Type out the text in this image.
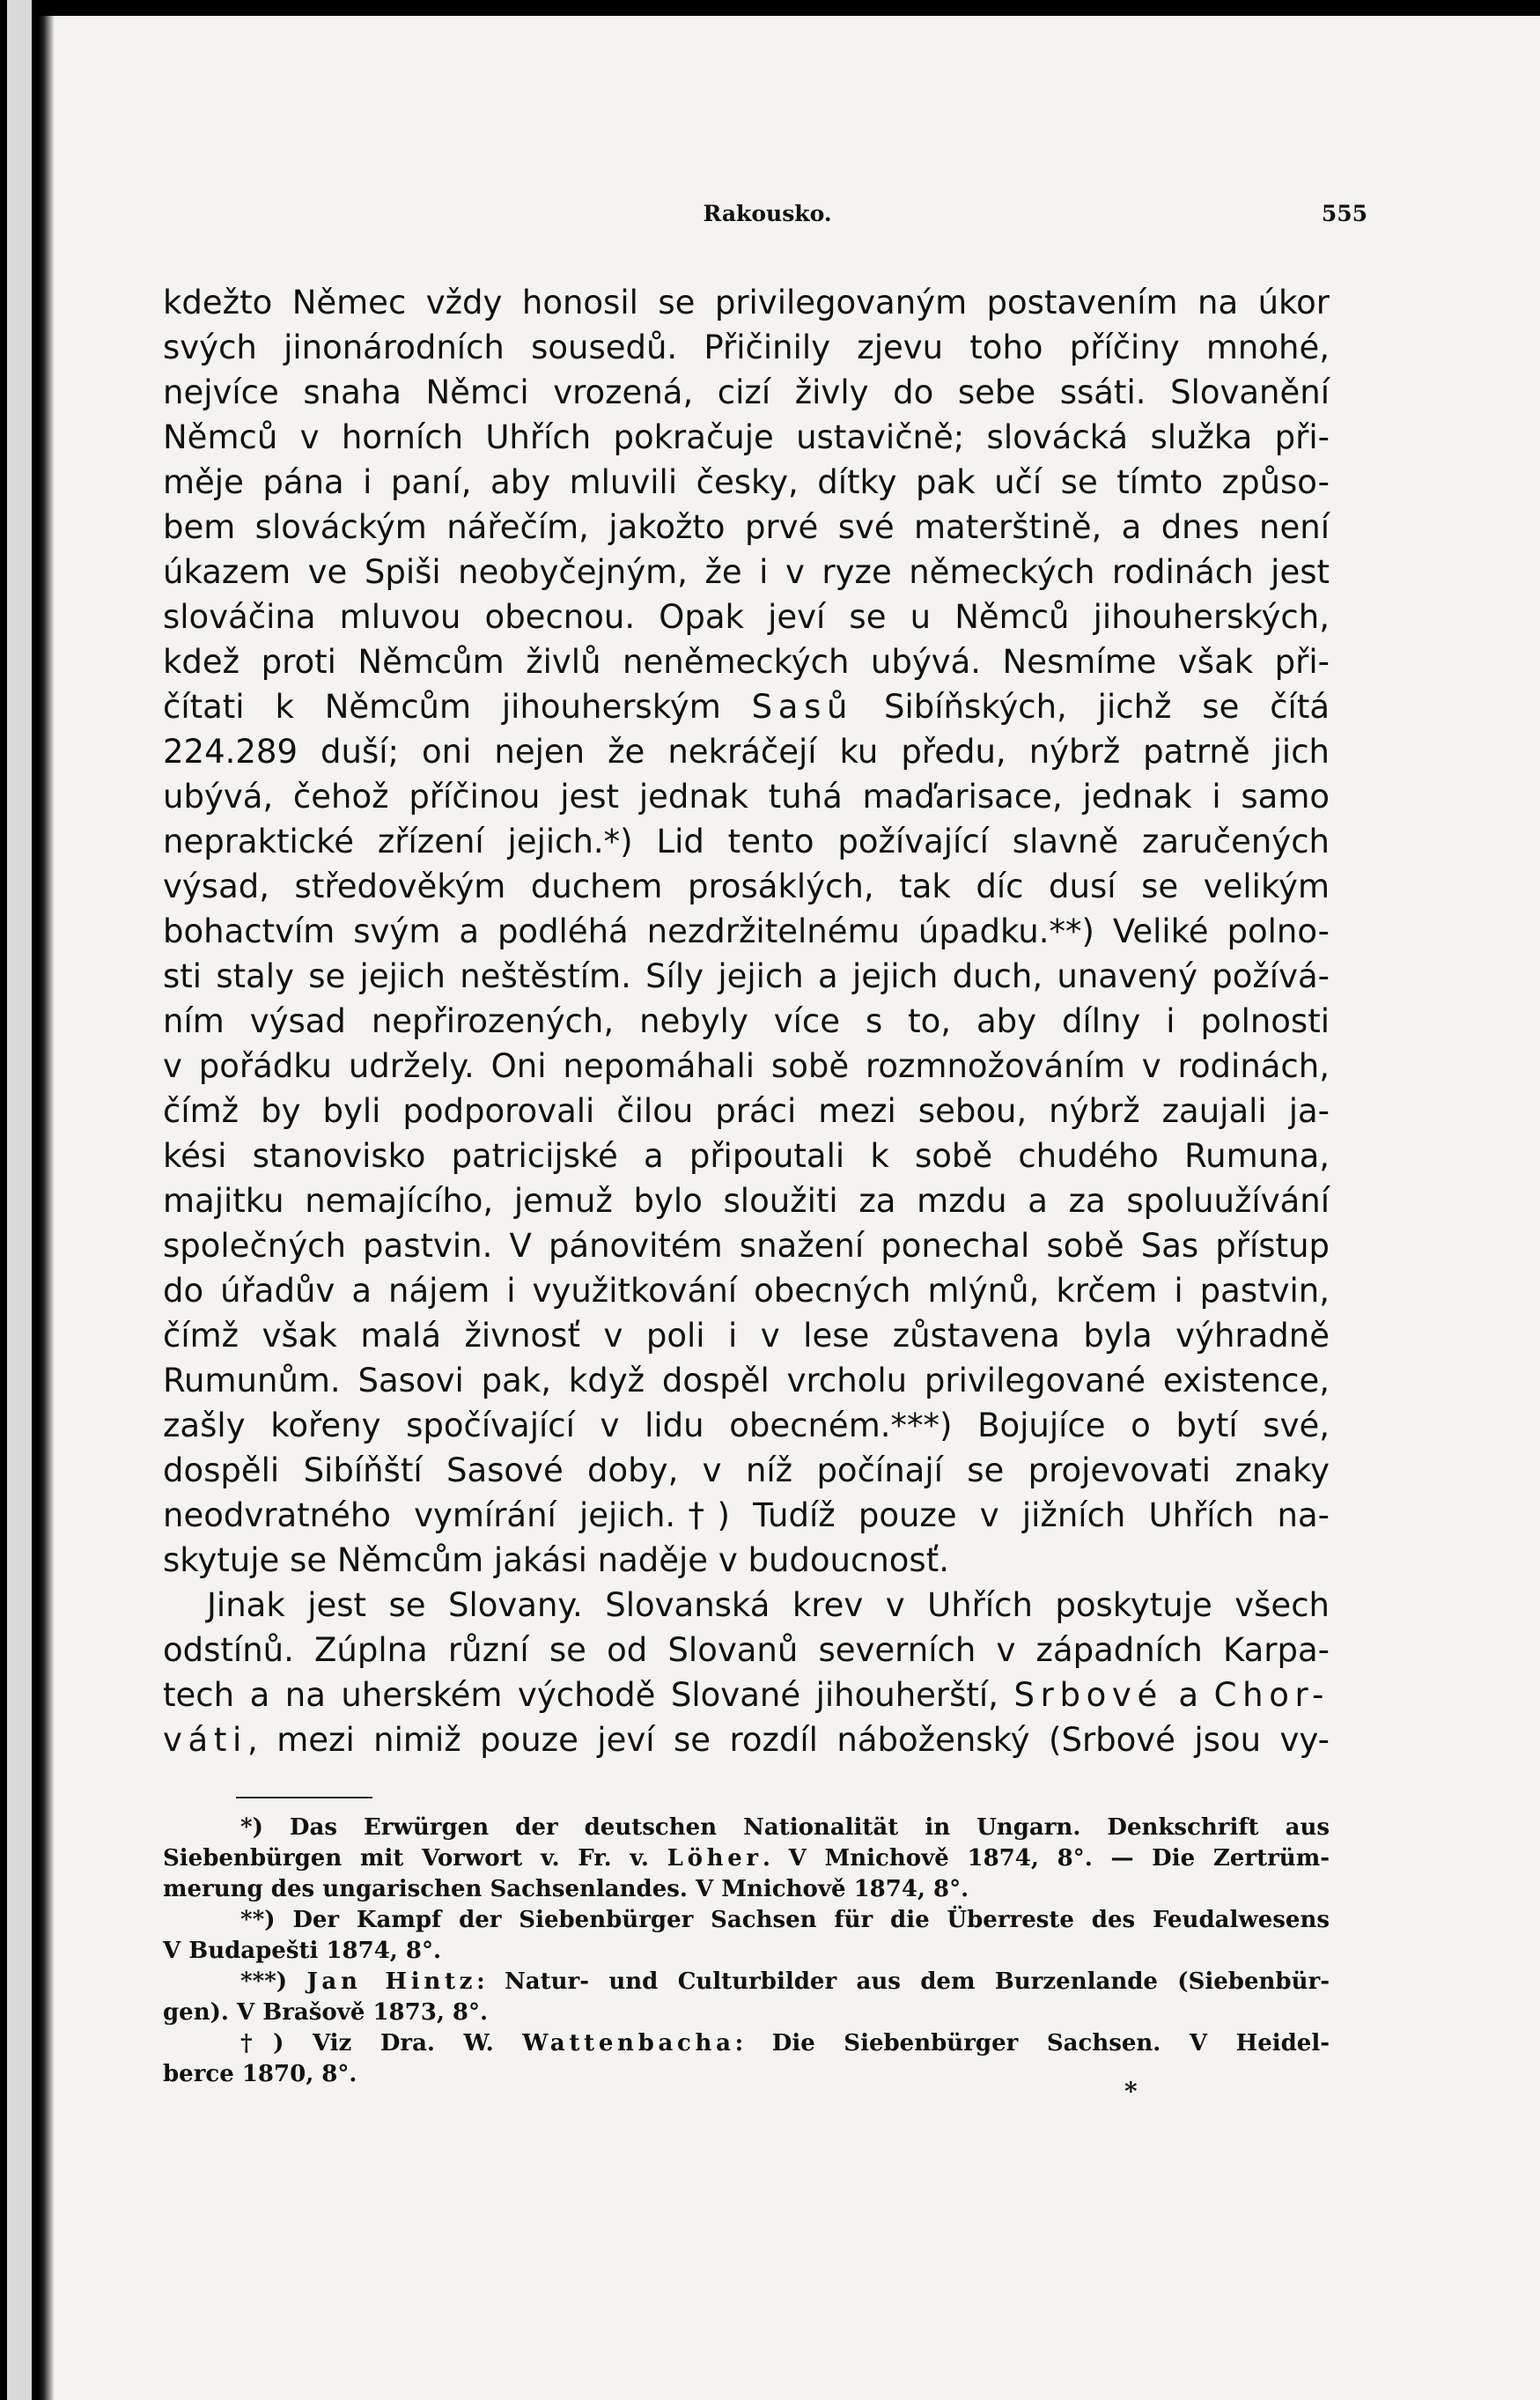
Rakousko.	555
kdežto Němec vždy honosil se privilegovaným postavením na úkor
svých jinonárodních sousedů. Přičinily zjevu toho příčiny mnohé,
nejvíce snaha Němci vrozená, cizí živly do sebe ssáti. Slovanění
Němců v horních Uhřích pokračuje ustavičně; slovácká služka při-
měje pána i paní, aby mluvili česky, dítky pak učí se tímto způso-
bem slováckým nářečím, jakožto prvé své materštině, a dnes není
úkazem ve Spiši neobyčejným, že i v ryze německých rodinách jest
slováčina mluvou obecnou. Opak jeví se u Němců jihouherských,
kdež proti Němcům živlů neněmeckých ubývá. Nesmíme však při-
čítati k Němcům jihouherským Sasů Sibíňských, jichž se čítá
224.289 duší; oni nejen že nekráčejí ku předu, nýbrž patrně jich
ubývá, čehož příčinou jest jednak tuhá maďarisace, jednak i samo
nepraktické zřízení jejich.*) Lid tento požívající slavně zaručených
výsad, středověkým duchem prosáklých, tak díc dusí se velikým
bohactvím svým a podléhá nezdržitelnému úpadku.**) Veliké polno-
sti staly se jejich neštěstím. Síly jejich a jejich duch, unavený požívá-
ním výsad nepřirozených, nebyly více s to, aby dílny i polnosti
v pořádku udržely. Oni nepomáhali sobě rozmnožováním v rodinách,
čímž by byli podporovali čilou práci mezi sebou, nýbrž zaujali ja-
kési stanovisko patricijské a připoutali k sobě chudého Rumuna,
majitku nemajícího, jemuž bylo sloužiti za mzdu a za spoluužívání
společných pastvin. V pánovitém snažení ponechal sobě Sas přístup
do úřadův a nájem i využitkování obecných mlýnů, krčem i pastvin,
čímž však malá živnosť v poli i v lese zůstavena byla výhradně
Rumunům. Sasovi pak, když dospěl vrcholu privilegované existence,
zašly kořeny spočívající v lidu obecném.***) Bojujíce o bytí své,
dospěli Sibíňští Sasové doby, v níž počínají se projevovati znaky
neodvratného vymírání jejich.†) Tudíž pouze v jižních Uhřích na-
skytuje se Němcům jakási naděje v budoucnosť.
Jinak jest se Slovany. Slovanská krev v Uhřích poskytuje všech
odstínů. Zúplna různí se od Slovanů severních v západních Karpa-
tech a na uherském východě Slované jihouherští, Srbové a Chor-
váti, mezi nimiž pouze jeví se rozdíl náboženský (Srbové jsou vy-
*) Das Erwürgen der deutschen Nationalität in Ungarn. Denkschrift aus
Siebenbürgen mit Vorwort v. Fr. v. Löher. V Mnichově 1874, 8°. — Die Zertrüm-
merung des ungarischen Sachsenlandes. V Mnichově 1874, 8°.
**) Der Kampf der Siebenbürger Sachsen für die Überreste des Feudalwesens
V Budapešti 1874, 8°.
***) Jan Hintz: Natur- und Culturbilder aus dem Burzenlande (Siebenbür-
gen). V Brašově 1873, 8°.
†) Viz Dra. W. Wattenbacha: Die Siebenbürger Sachsen. V Heidel-
berce 1870, 8°.
*
